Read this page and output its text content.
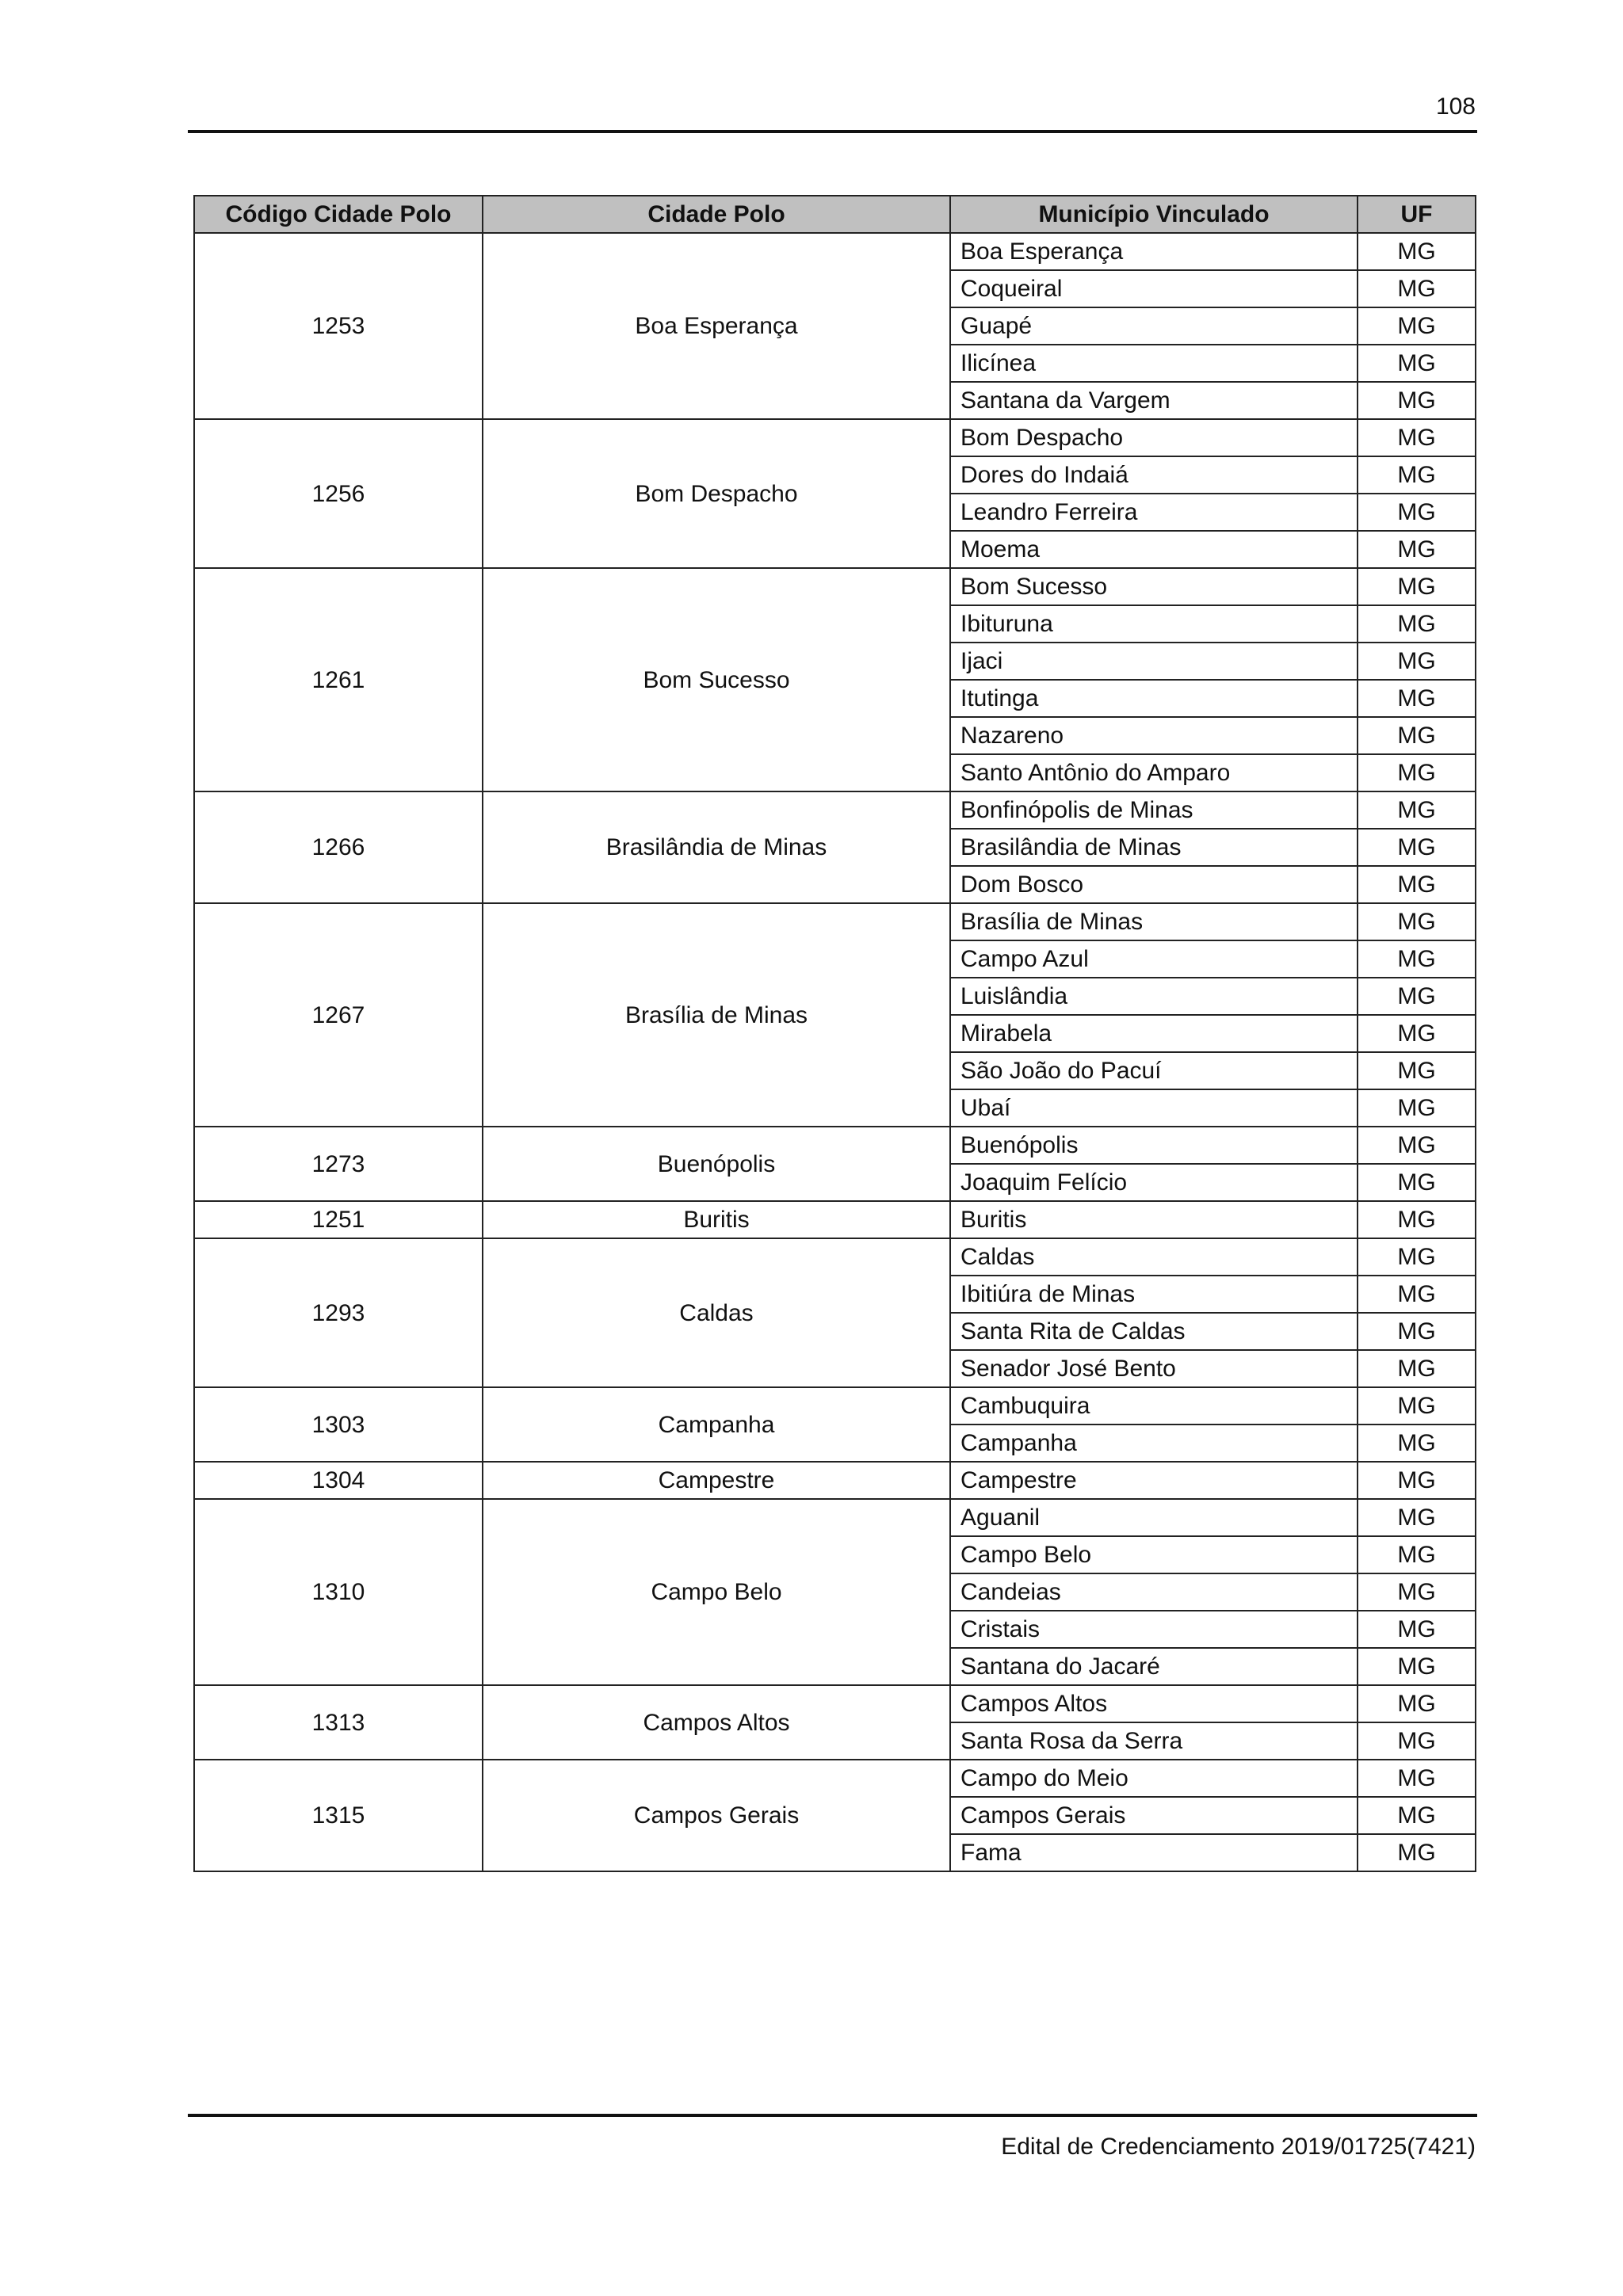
108
Código Cidade Polo	Cidade Polo	Município Vinculado	UF
1253	Boa Esperança	Boa Esperança	MG
		Coqueiral	MG
		Guapé	MG
		Ilicínea	MG
		Santana da Vargem	MG
1256	Bom Despacho	Bom Despacho	MG
		Dores do Indaiá	MG
		Leandro Ferreira	MG
		Moema	MG
1261	Bom Sucesso	Bom Sucesso	MG
		Ibituruna	MG
		Ijaci	MG
		Itutinga	MG
		Nazareno	MG
		Santo Antônio do Amparo	MG
1266	Brasilândia de Minas	Bonfinópolis de Minas	MG
		Brasilândia de Minas	MG
		Dom Bosco	MG
1267	Brasília de Minas	Brasília de Minas	MG
		Campo Azul	MG
		Luislândia	MG
		Mirabela	MG
		São João do Pacuí	MG
		Ubaí	MG
1273	Buenópolis	Buenópolis	MG
		Joaquim Felício	MG
1251	Buritis	Buritis	MG
1293	Caldas	Caldas	MG
		Ibitiúra de Minas	MG
		Santa Rita de Caldas	MG
		Senador José Bento	MG
1303	Campanha	Cambuquira	MG
		Campanha	MG
1304	Campestre	Campestre	MG
1310	Campo Belo	Aguanil	MG
		Campo Belo	MG
		Candeias	MG
		Cristais	MG
		Santana do Jacaré	MG
1313	Campos Altos	Campos Altos	MG
		Santa Rosa da Serra	MG
1315	Campos Gerais	Campo do Meio	MG
		Campos Gerais	MG
		Fama	MG
Edital de Credenciamento 2019/01725(7421)
